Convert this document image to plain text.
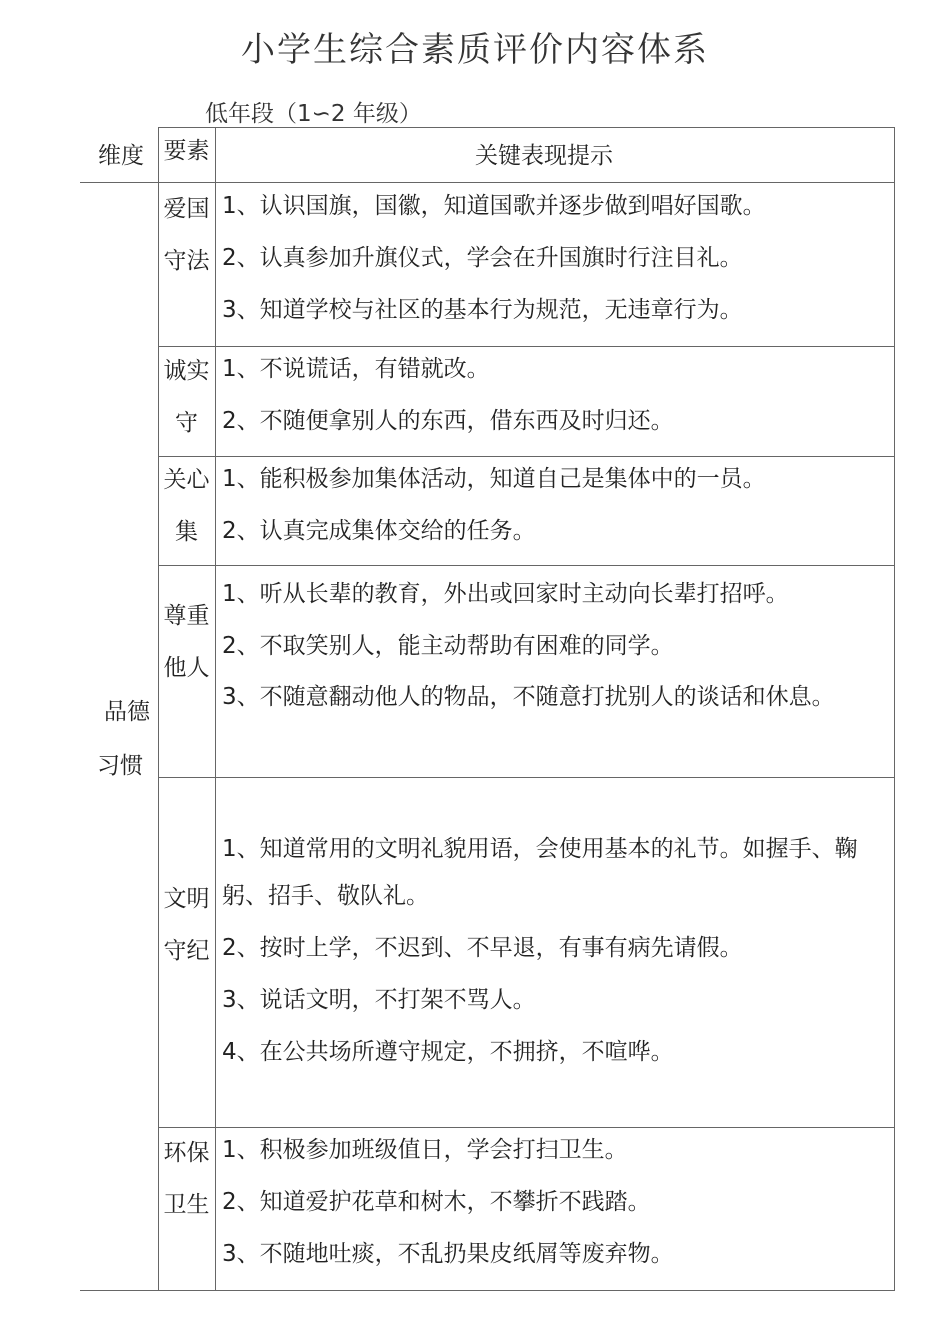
小学生综合素质评价内容体系
低年段（1∽2 年级）
维度 要素	关键表现提示
品德
习惯
爱国
守法
1、认识国旗，国徽，知道国歌并逐步做到唱好国歌。
2、认真参加升旗仪式，学会在升国旗时行注目礼。
3、知道学校与社区的基本行为规范，无违章行为。
诚实
守
1、不说谎话，有错就改。
2、不随便拿别人的东西，借东西及时归还。
关心
集
1、能积极参加集体活动，知道自己是集体中的一员。
2、认真完成集体交给的任务。
尊重
他人
1、听从长辈的教育，外出或回家时主动向长辈打招呼。
2、不取笑别人，能主动帮助有困难的同学。
3、不随意翻动他人的物品，不随意打扰别人的谈话和休息。
文明
守纪
1、知道常用的文明礼貌用语，会使用基本的礼节。如握手、鞠躬、招手、敬队礼。
2、按时上学，不迟到、不早退，有事有病先请假。
3、说话文明，不打架不骂人。
4、在公共场所遵守规定，不拥挤，不喧哗。
环保
卫生
1、积极参加班级值日，学会打扫卫生。
2、知道爱护花草和树木，不攀折不践踏。
3、不随地吐痰，不乱扔果皮纸屑等废弃物。
